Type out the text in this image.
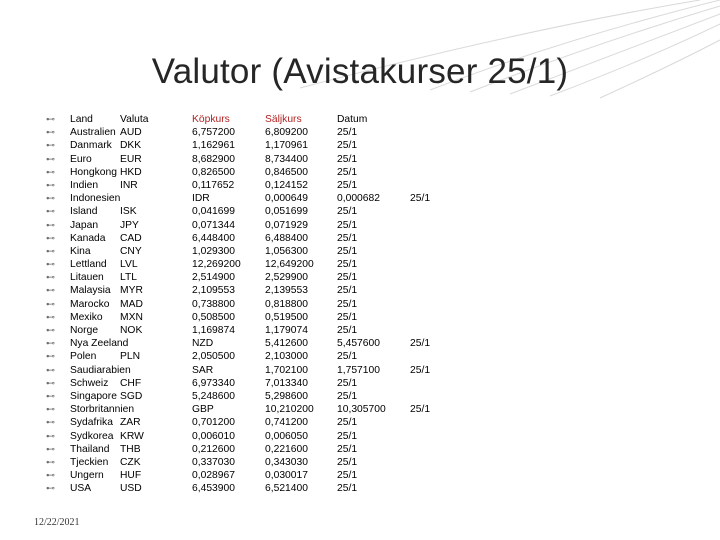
Valutor (Avistakurser 25/1)
⊷ Land	Valuta	Köpkurs	Säljkurs	Datum
⊷ Australien AUD	6,757200	6,809200	25/1
⊷ Danmark DKK	1,162961	1,170961	25/1
⊷ Euro	EUR	8,682900	8,734400	25/1
⊷ Hongkong HKD	0,826500	0,846500	25/1
⊷ Indien INR	0,117652	0,124152	25/1
⊷ Indonesien	IDR	0,000649	0,000682	25/1
⊷ Island ISK	0,041699	0,051699	25/1
⊷ Japan JPY	0,071344	0,071929	25/1
⊷ Kanada CAD	6,448400	6,488400	25/1
⊷ Kina	CNY	1,029300	1,056300	25/1
⊷ Lettland LVL	12,269200 12,649200 25/1
⊷ Litauen LTL	2,514900	2,529900	25/1
⊷ Malaysia MYR	2,109553	2,139553	25/1
⊷ Marocko MAD	0,738800	0,818800	25/1
⊷ Mexiko MXN	0,508500	0,519500	25/1
⊷ Norge NOK	1,169874	1,179074	25/1
⊷ Nya Zeeland	NZD	5,412600	5,457600	25/1
⊷ Polen PLN	2,050500	2,103000	25/1
⊷ Saudiarabien	SAR	1,702100	1,757100	25/1
⊷ Schweiz CHF	6,973340	7,013340	25/1
⊷ Singapore SGD	5,248600	5,298600	25/1
⊷ Storbritannien	GBP	10,210200 10,305700 25/1
⊷ Sydafrika ZAR	0,701200	0,741200	25/1
⊷ Sydkorea KRW	0,006010	0,006050	25/1
⊷ Thailand THB	0,212600	0,221600	25/1
⊷ Tjeckien CZK	0,337030	0,343030	25/1
⊷ Ungern HUF	0,028967	0,030017	25/1
⊷ USA	USD	6,453900	6,521400	25/1
12/22/2021
